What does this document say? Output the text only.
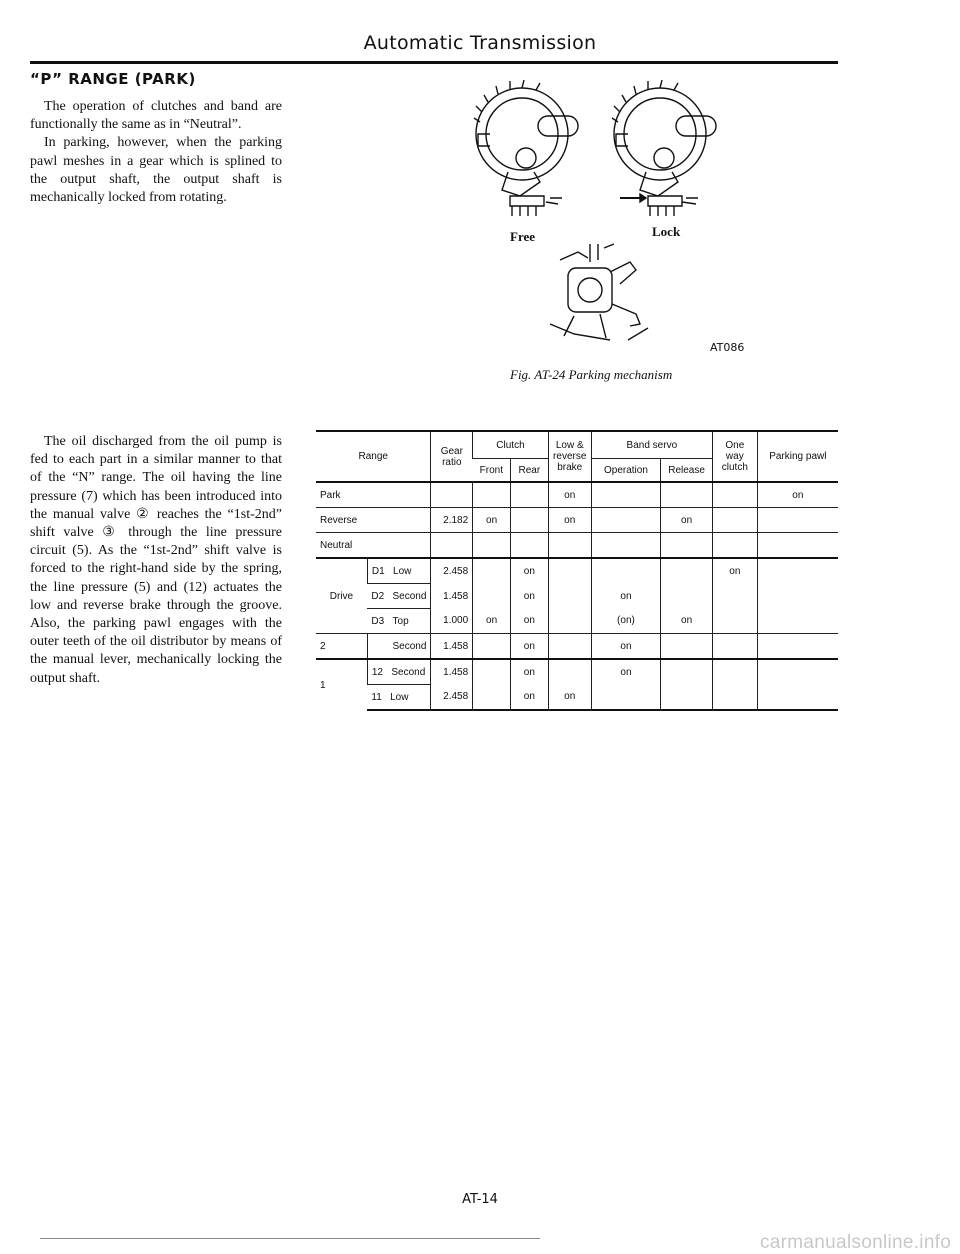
Automatic Transmission
“P” RANGE (PARK)
The operation of clutches and band are functionally the same as in “Neutral”.
In parking, however, when the parking pawl meshes in a gear which is splined to the output shaft, the output shaft is mechanically locked from rotating.
The oil discharged from the oil pump is fed to each part in a similar manner to that of the “N” range. The oil having the line pressure (7) which has been introduced into the manual valve ② reaches the “1st-2nd” shift valve ③ through the line pressure circuit (5). As the “1st-2nd” shift valve is forced to the right-hand side by the spring, the line pressure (5) and (12) actuates the low and reverse brake through the groove. Also, the parking pawl engages with the outer teeth of the oil distributor by means of the manual lever, mechanically locking the output shaft.
Free	Lock
AT086
Fig. AT-24 Parking mechanism
Range		Gear ratio	Clutch		Low & reverse brake	Band servo		One way clutch	Parking pawl
			Front	Rear		Operation	Release		
Park					on				on
Reverse		2.182	on		on		on		
Neutral									
Drive	D1 Low	2.458		on				on	
	D2 Second	1.458		on		on			
	D3 Top	1.000	on	on		(on)	on		
2	Second	1.458		on		on			
1	12 Second	1.458		on		on			
	11 Low	2.458		on	on				
AT-14
carmanualsonline.info
